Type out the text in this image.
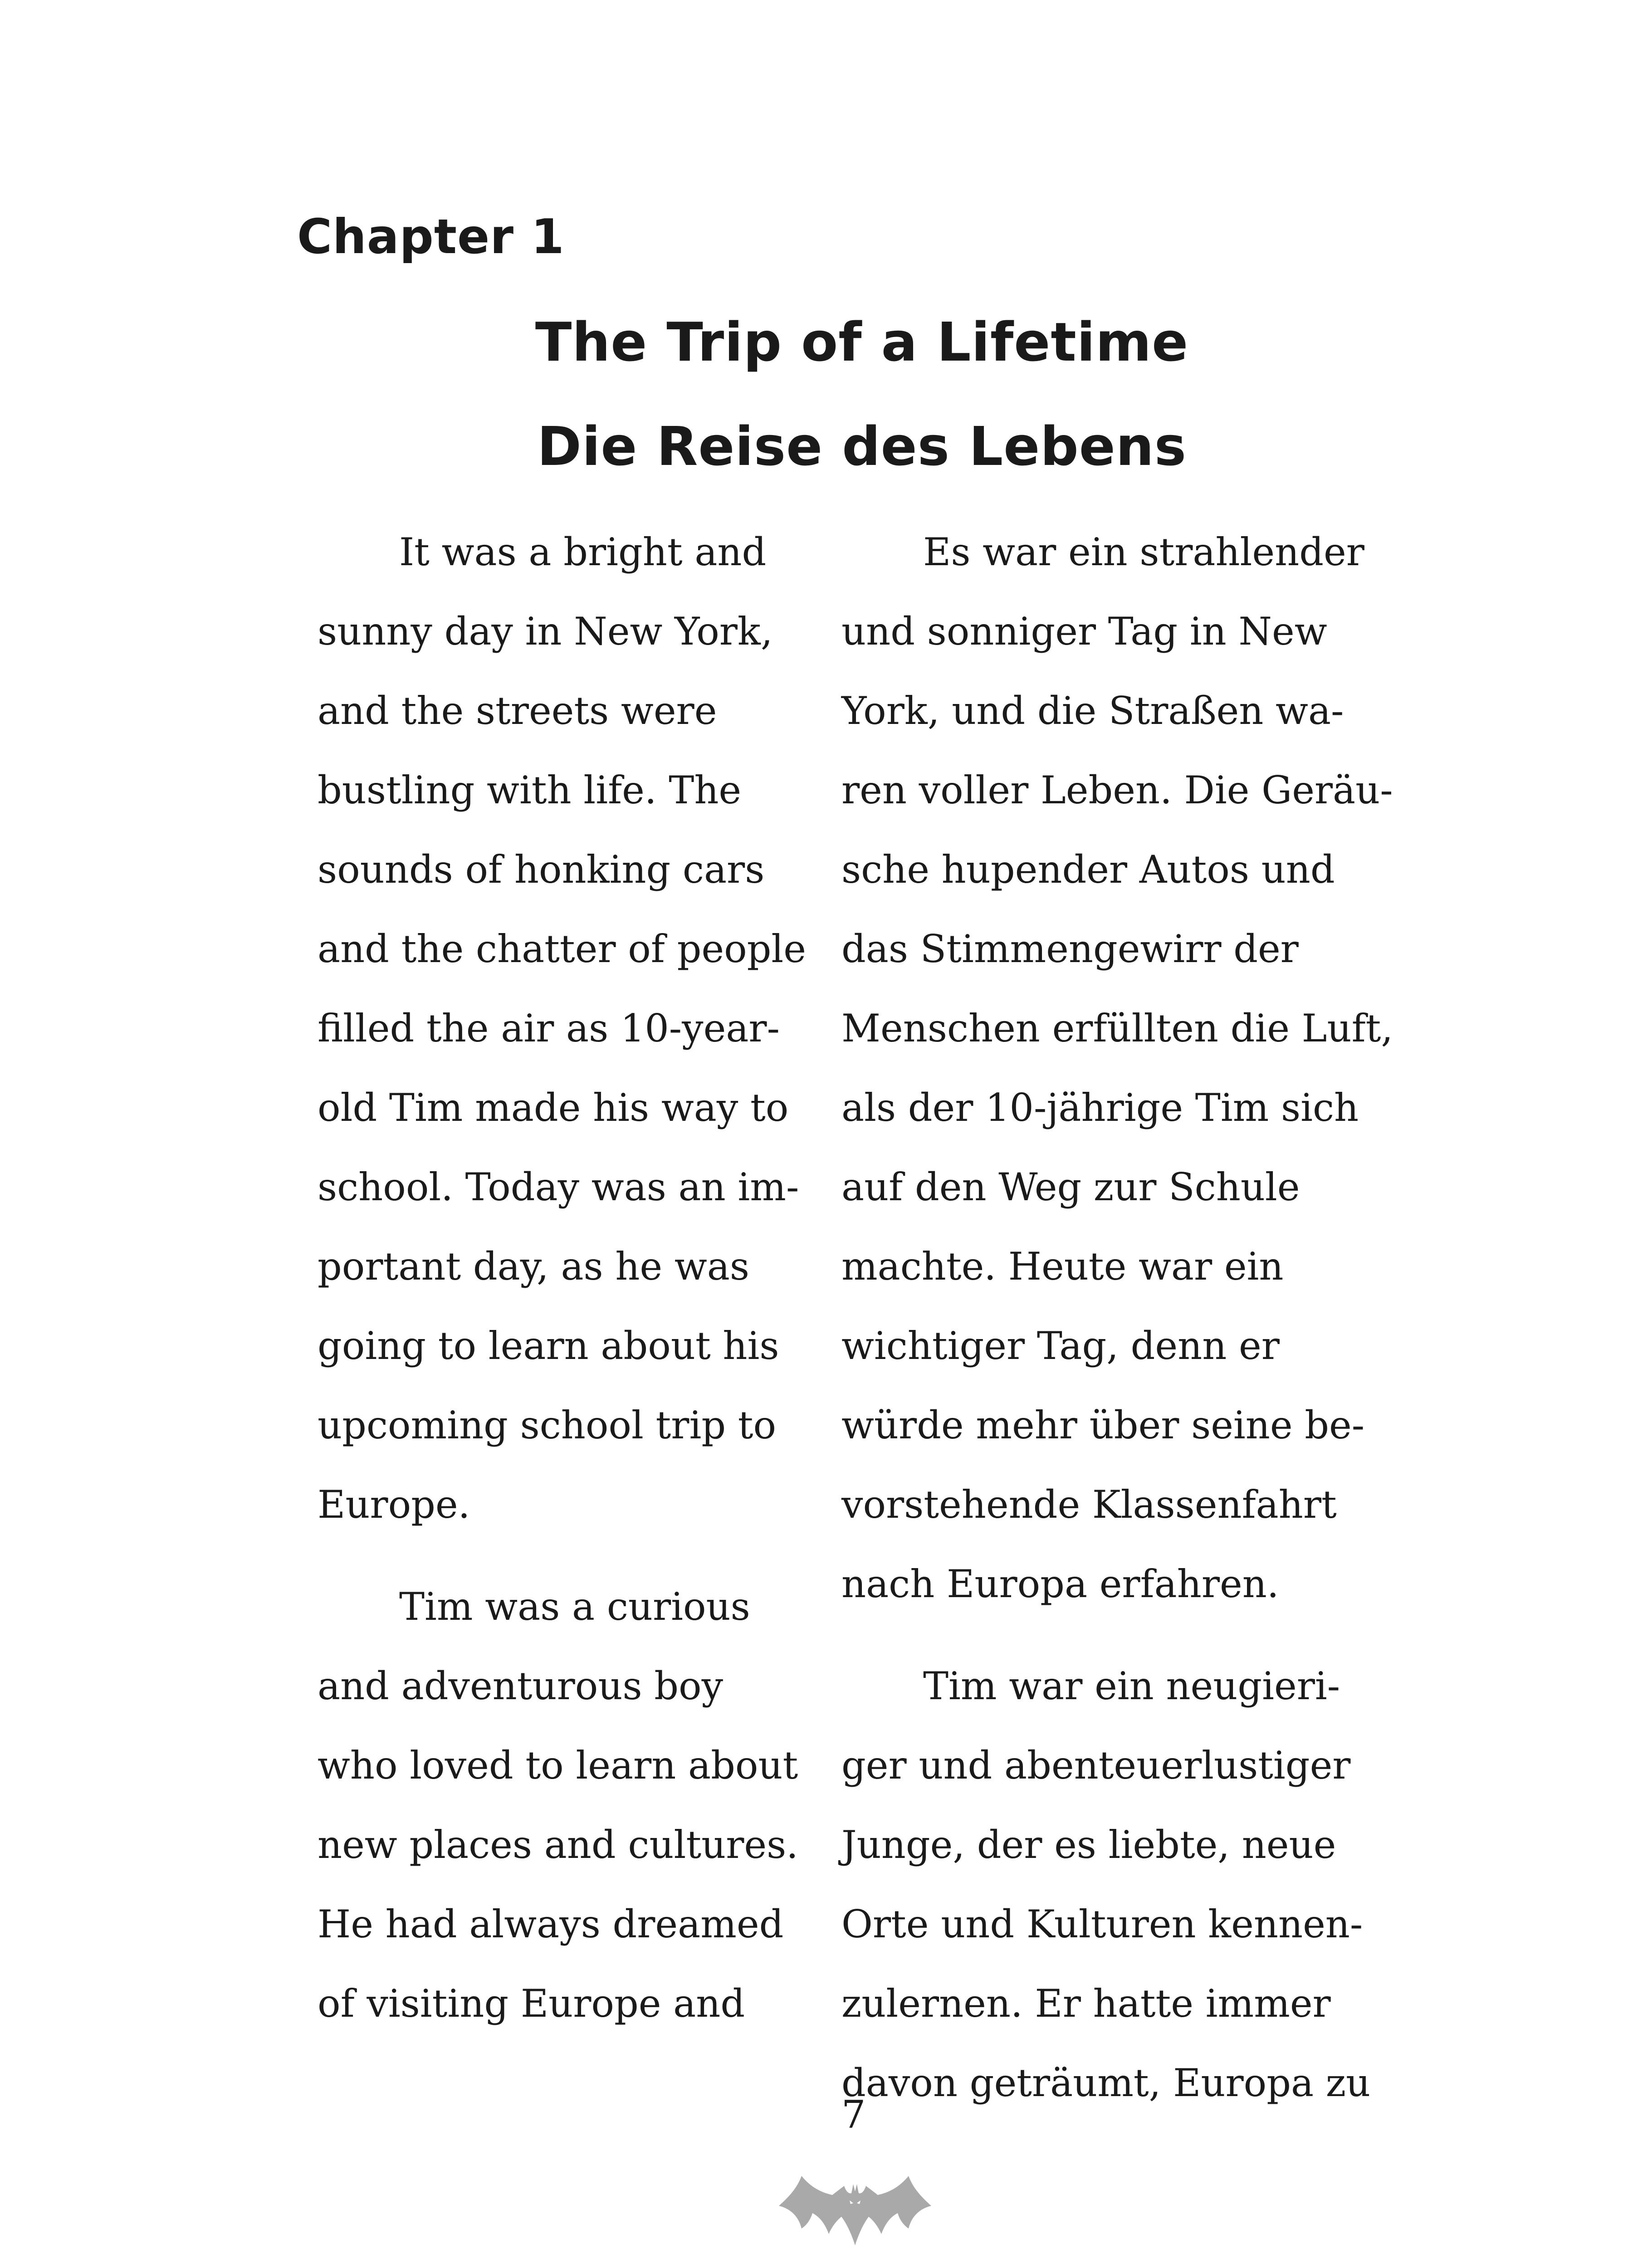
Chapter 1
The Trip of a Lifetime
Die Reise des Lebens
It was a bright and
sunny day in New York,
and the streets were
bustling with life. The
sounds of honking cars
and the chatter of people
filled the air as 10-year-
old Tim made his way to
school. Today was an im-
portant day, as he was
going to learn about his
upcoming school trip to
Europe.
Tim was a curious
and adventurous boy
who loved to learn about
new places and cultures.
He had always dreamed
of visiting Europe and
Es war ein strahlender
und sonniger Tag in New
York, und die Straßen wa-
ren voller Leben. Die Geräu-
sche hupender Autos und
das Stimmengewirr der
Menschen erfüllten die Luft,
als der 10-jährige Tim sich
auf den Weg zur Schule
machte. Heute war ein
wichtiger Tag, denn er
würde mehr über seine be-
vorstehende Klassenfahrt
nach Europa erfahren.
Tim war ein neugieri-
ger und abenteuerlustiger
Junge, der es liebte, neue
Orte und Kulturen kennen-
zulernen. Er hatte immer
davon geträumt, Europa zu
7
